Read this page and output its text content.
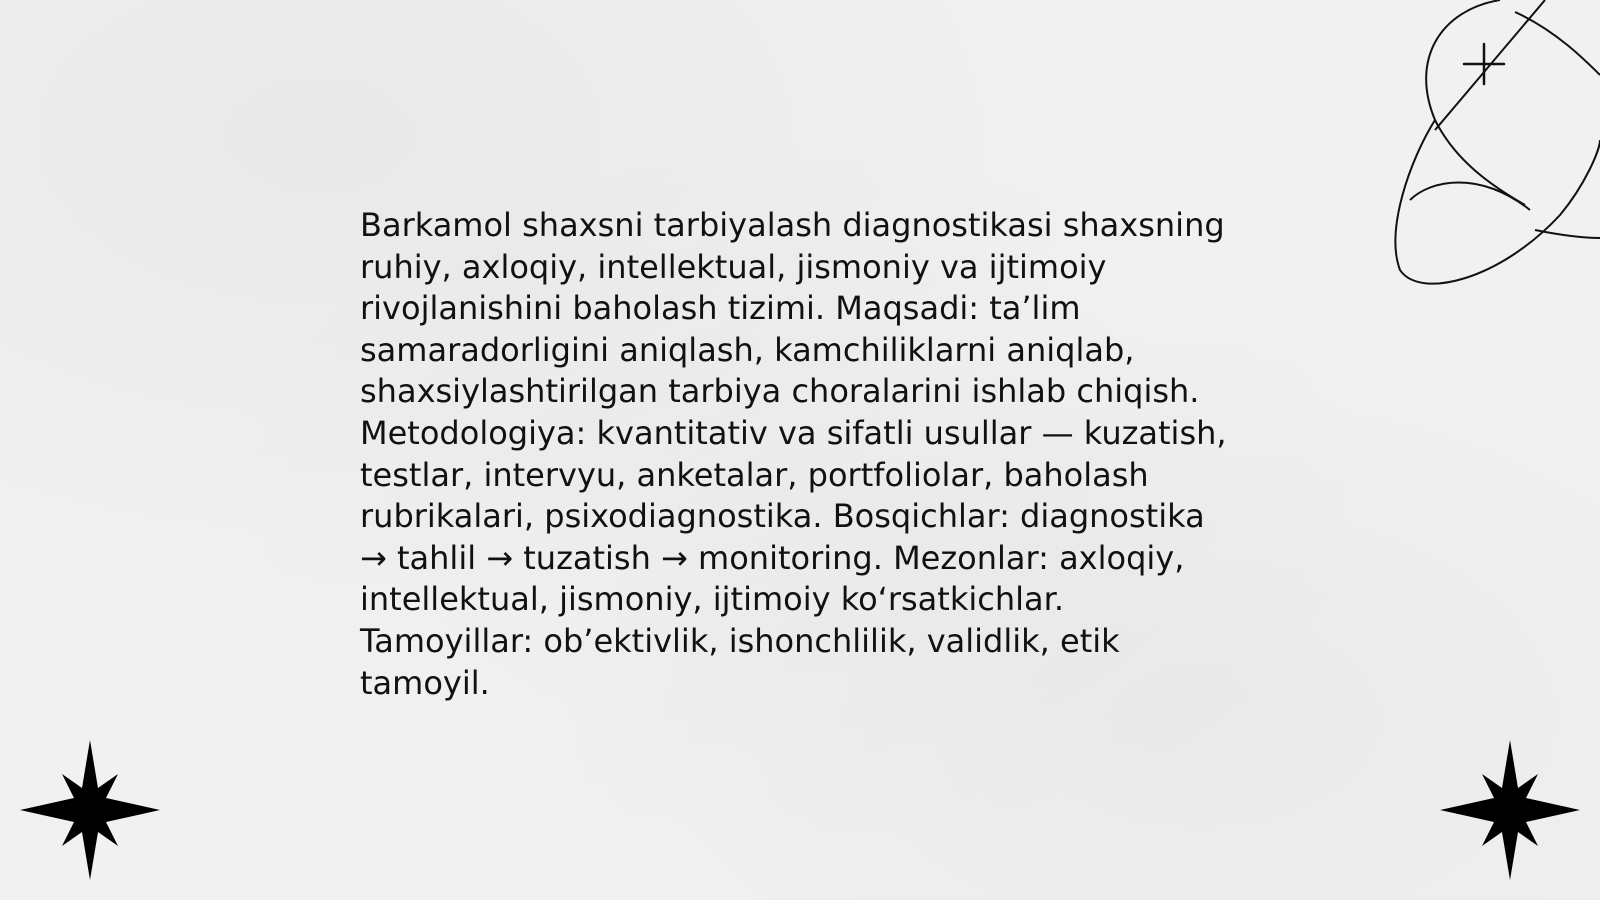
Barkamol shaxsni tarbiyalash diagnostikasi shaxsning ruhiy, axloqiy, intellektual, jismoniy va ijtimoiy rivojlanishini baholash tizimi. Maqsadi: ta’lim samaradorligini aniqlash, kamchiliklarni aniqlab, shaxsiylashtirilgan tarbiya choralarini ishlab chiqish. Metodologiya: kvantitativ va sifatli usullar — kuzatish, testlar, intervyu, anketalar, portfoliolar, baholash rubrikalari, psixodiagnostika. Bosqichlar: diagnostika → tahlil → tuzatish → monitoring. Mezonlar: axloqiy, intellektual, jismoniy, ijtimoiy ko‘rsatkichlar. Tamoyillar: ob’ektivlik, ishonchlilik, validlik, etik tamoyil.
